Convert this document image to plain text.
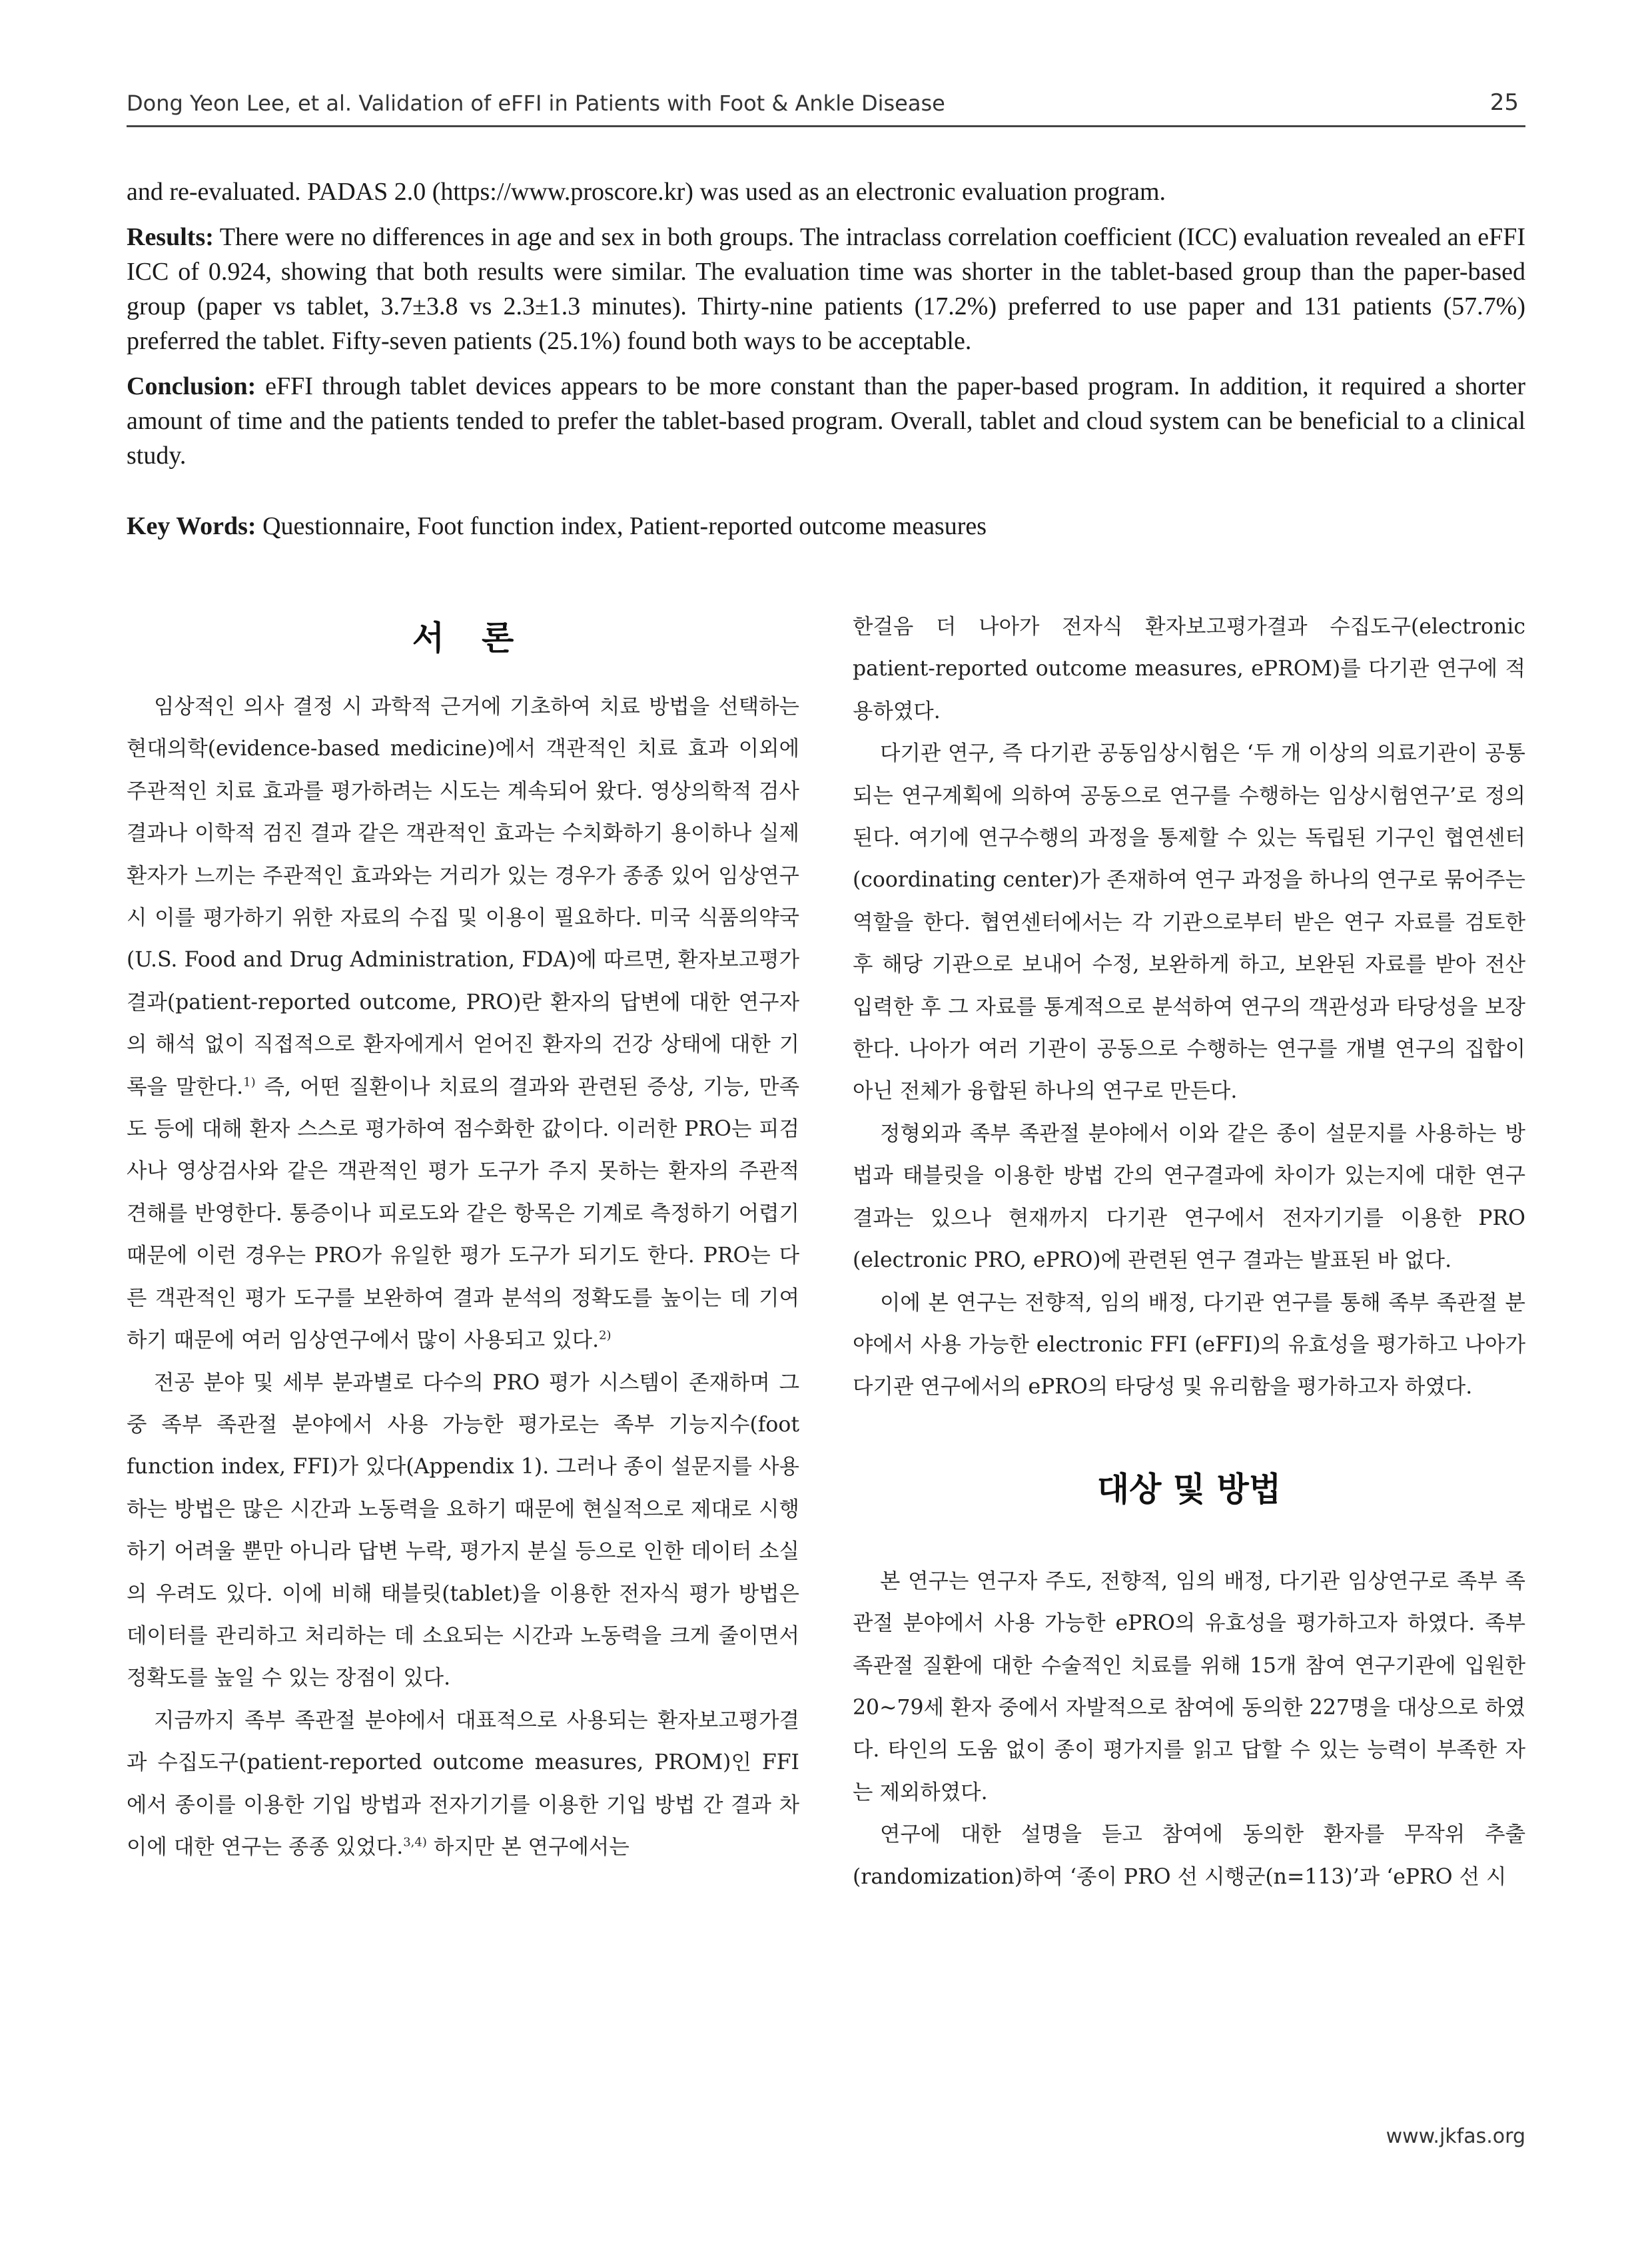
Dong Yeon Lee, et al. Validation of eFFI in Patients with Foot & Ankle Disease	25

and re-evaluated. PADAS 2.0 (https://www.proscore.kr) was used as an electronic evaluation program.

Results: There were no differences in age and sex in both groups. The intraclass correlation coefficient (ICC) evaluation revealed an eFFI ICC of 0.924, showing that both results were similar. The evaluation time was shorter in the tablet-based group than the paper-based group (paper vs tablet, 3.7±3.8 vs 2.3±1.3 minutes). Thirty-nine patients (17.2%) preferred to use paper and 131 patients (57.7%) preferred the tablet. Fifty-seven patients (25.1%) found both ways to be acceptable.

Conclusion: eFFI through tablet devices appears to be more constant than the paper-based program. In addition, it required a shorter amount of time and the patients tended to prefer the tablet-based program. Overall, tablet and cloud system can be beneficial to a clinical study.

Key Words: Questionnaire, Foot function index, Patient-reported outcome measures
서론

임상적인 의사 결정 시 과학적 근거에 기초하여 치료 방법을 선택하는 현대의학(evidence-based medicine)에서 객관적인 치료 효과 이외에 주관적인 치료 효과를 평가하려는 시도는 계속되어 왔다. 영상의학적 검사 결과나 이학적 검진 결과 같은 객관적인 효과는 수치화하기 용이하나 실제 환자가 느끼는 주관적인 효과와는 거리가 있는 경우가 종종 있어 임상연구 시 이를 평가하기 위한 자료의 수집 및 이용이 필요하다. 미국 식품의약국(U.S. Food and Drug Administration, FDA)에 따르면, 환자보고평가결과(patient-reported outcome, PRO)란 환자의 답변에 대한 연구자의 해석 없이 직접적으로 환자에게서 얻어진 환자의 건강 상태에 대한 기록을 말한다.$^{1)}$ 즉, 어떤 질환이나 치료의 결과와 관련된 증상, 기능, 만족도 등에 대해 환자 스스로 평가하여 점수화한 값이다. 이러한 PRO는 피검사나 영상검사와 같은 객관적인 평가 도구가 주지 못하는 환자의 주관적 견해를 반영한다. 통증이나 피로도와 같은 항목은 기계로 측정하기 어렵기 때문에 이런 경우는 PRO가 유일한 평가 도구가 되기도 한다. PRO는 다른 객관적인 평가 도구를 보완하여 결과 분석의 정확도를 높이는 데 기여하기 때문에 여러 임상연구에서 많이 사용되고 있다.$^{2)}$

전공 분야 및 세부 분과별로 다수의 PRO 평가 시스템이 존재하며 그 중 족부 족관절 분야에서 사용 가능한 평가로는 족부 기능지수(foot function index, FFI)가 있다(Appendix 1). 그러나 종이 설문지를 사용하는 방법은 많은 시간과 노동력을 요하기 때문에 현실적으로 제대로 시행하기 어려울 뿐만 아니라 답변 누락, 평가지 분실 등으로 인한 데이터 소실의 우려도 있다. 이에 비해 태블릿(tablet)을 이용한 전자식 평가 방법은 데이터를 관리하고 처리하는 데 소요되는 시간과 노동력을 크게 줄이면서 정확도를 높일 수 있는 장점이 있다.

지금까지 족부 족관절 분야에서 대표적으로 사용되는 환자보고평가결과 수집도구(patient-reported outcome measures, PROM)인 FFI에서 종이를 이용한 기입 방법과 전자기기를 이용한 기입 방법 간 결과 차이에 대한 연구는 종종 있었다.$^{3,4)}$ 하지만 본 연구에서는

한걸음 더 나아가 전자식 환자보고평가결과 수집도구(electronic patient-reported outcome measures, ePROM)를 다기관 연구에 적용하였다.

다기관 연구, 즉 다기관 공동임상시험은 ‘두 개 이상의 의료기관이 공통되는 연구계획에 의하여 공동으로 연구를 수행하는 임상시험연구’로 정의된다. 여기에 연구수행의 과정을 통제할 수 있는 독립된 기구인 협연센터(coordinating center)가 존재하여 연구 과정을 하나의 연구로 묶어주는 역할을 한다. 협연센터에서는 각 기관으로부터 받은 연구 자료를 검토한 후 해당 기관으로 보내어 수정, 보완하게 하고, 보완된 자료를 받아 전산 입력한 후 그 자료를 통계적으로 분석하여 연구의 객관성과 타당성을 보장한다. 나아가 여러 기관이 공동으로 수행하는 연구를 개별 연구의 집합이 아닌 전체가 융합된 하나의 연구로 만든다.

정형외과 족부 족관절 분야에서 이와 같은 종이 설문지를 사용하는 방법과 태블릿을 이용한 방법 간의 연구결과에 차이가 있는지에 대한 연구 결과는 있으나 현재까지 다기관 연구에서 전자기기를 이용한 PRO (electronic PRO, ePRO)에 관련된 연구 결과는 발표된 바 없다.

이에 본 연구는 전향적, 임의 배정, 다기관 연구를 통해 족부 족관절 분야에서 사용 가능한 electronic FFI (eFFI)의 유효성을 평가하고 나아가 다기관 연구에서의 ePRO의 타당성 및 유리함을 평가하고자 하였다.

대상 및 방법

본 연구는 연구자 주도, 전향적, 임의 배정, 다기관 임상연구로 족부 족관절 분야에서 사용 가능한 ePRO의 유효성을 평가하고자 하였다. 족부 족관절 질환에 대한 수술적인 치료를 위해 15개 참여 연구기관에 입원한 20~79세 환자 중에서 자발적으로 참여에 동의한 227명을 대상으로 하였다. 타인의 도움 없이 종이 평가지를 읽고 답할 수 있는 능력이 부족한 자는 제외하였다.

연구에 대한 설명을 듣고 참여에 동의한 환자를 무작위 추출(randomization)하여 ‘종이 PRO 선 시행군(n=113)’과 ‘ePRO 선 시

www.jkfas.org
